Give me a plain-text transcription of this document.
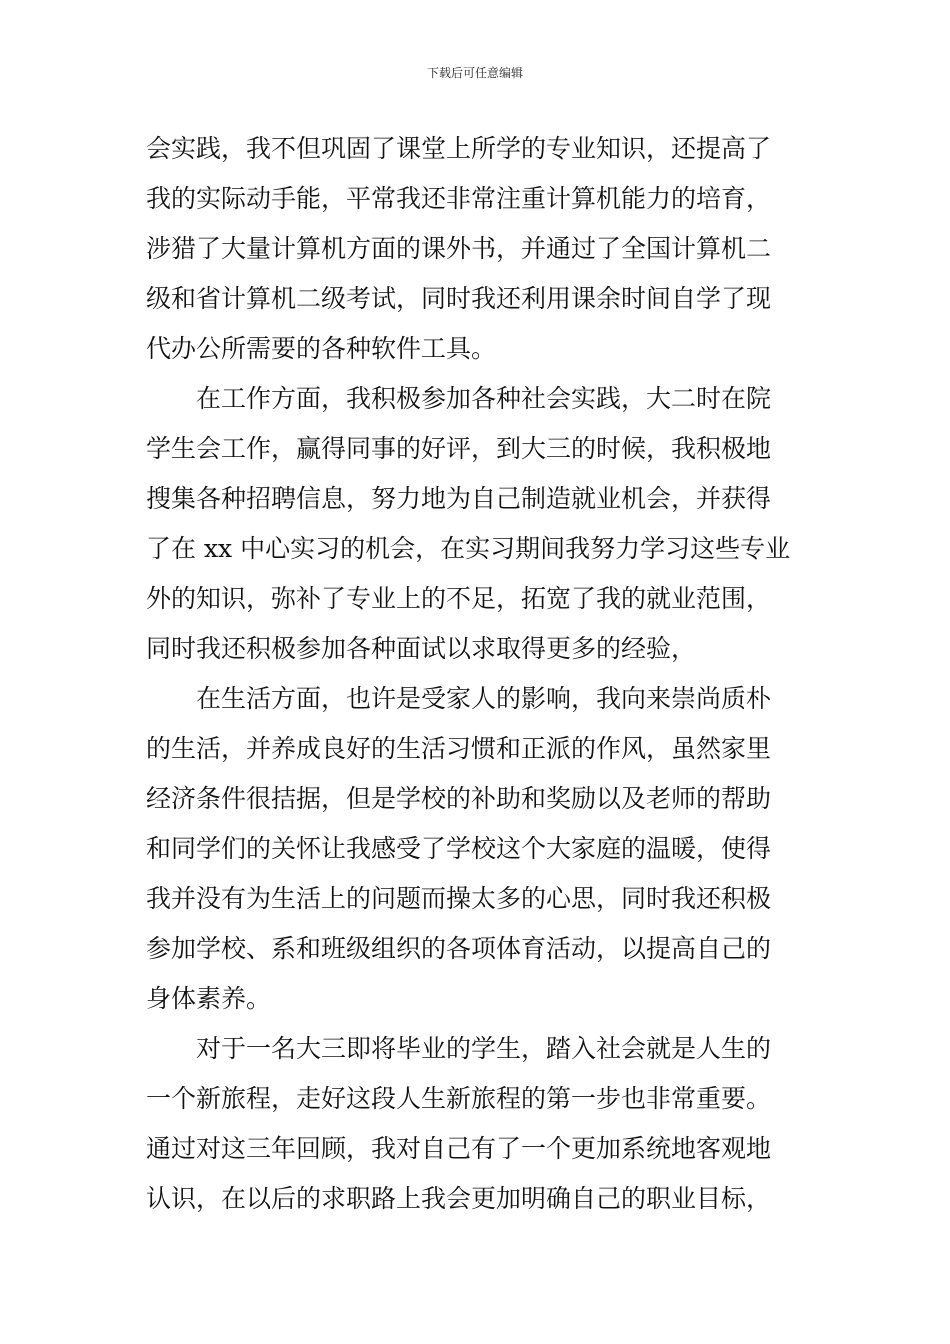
下载后可任意编辑
会实践，我不但巩固了课堂上所学的专业知识，还提高了
我的实际动手能，平常我还非常注重计算机能力的培育，
涉猎了大量计算机方面的课外书，并通过了全国计算机二
级和省计算机二级考试，同时我还利用课余时间自学了现
代办公所需要的各种软件工具。
在工作方面，我积极参加各种社会实践，大二时在院
学生会工作，赢得同事的好评，到大三的时候，我积极地
搜集各种招聘信息，努力地为自己制造就业机会，并获得
了在 xx 中心实习的机会，在实习期间我努力学习这些专业
外的知识，弥补了专业上的不足，拓宽了我的就业范围，
同时我还积极参加各种面试以求取得更多的经验，
在生活方面，也许是受家人的影响，我向来崇尚质朴
的生活，并养成良好的生活习惯和正派的作风，虽然家里
经济条件很拮据，但是学校的补助和奖励以及老师的帮助
和同学们的关怀让我感受了学校这个大家庭的温暖，使得
我并没有为生活上的问题而操太多的心思，同时我还积极
参加学校、系和班级组织的各项体育活动，以提高自己的
身体素养。
对于一名大三即将毕业的学生，踏入社会就是人生的
一个新旅程，走好这段人生新旅程的第一步也非常重要。
通过对这三年回顾，我对自己有了一个更加系统地客观地
认识，在以后的求职路上我会更加明确自己的职业目标，
